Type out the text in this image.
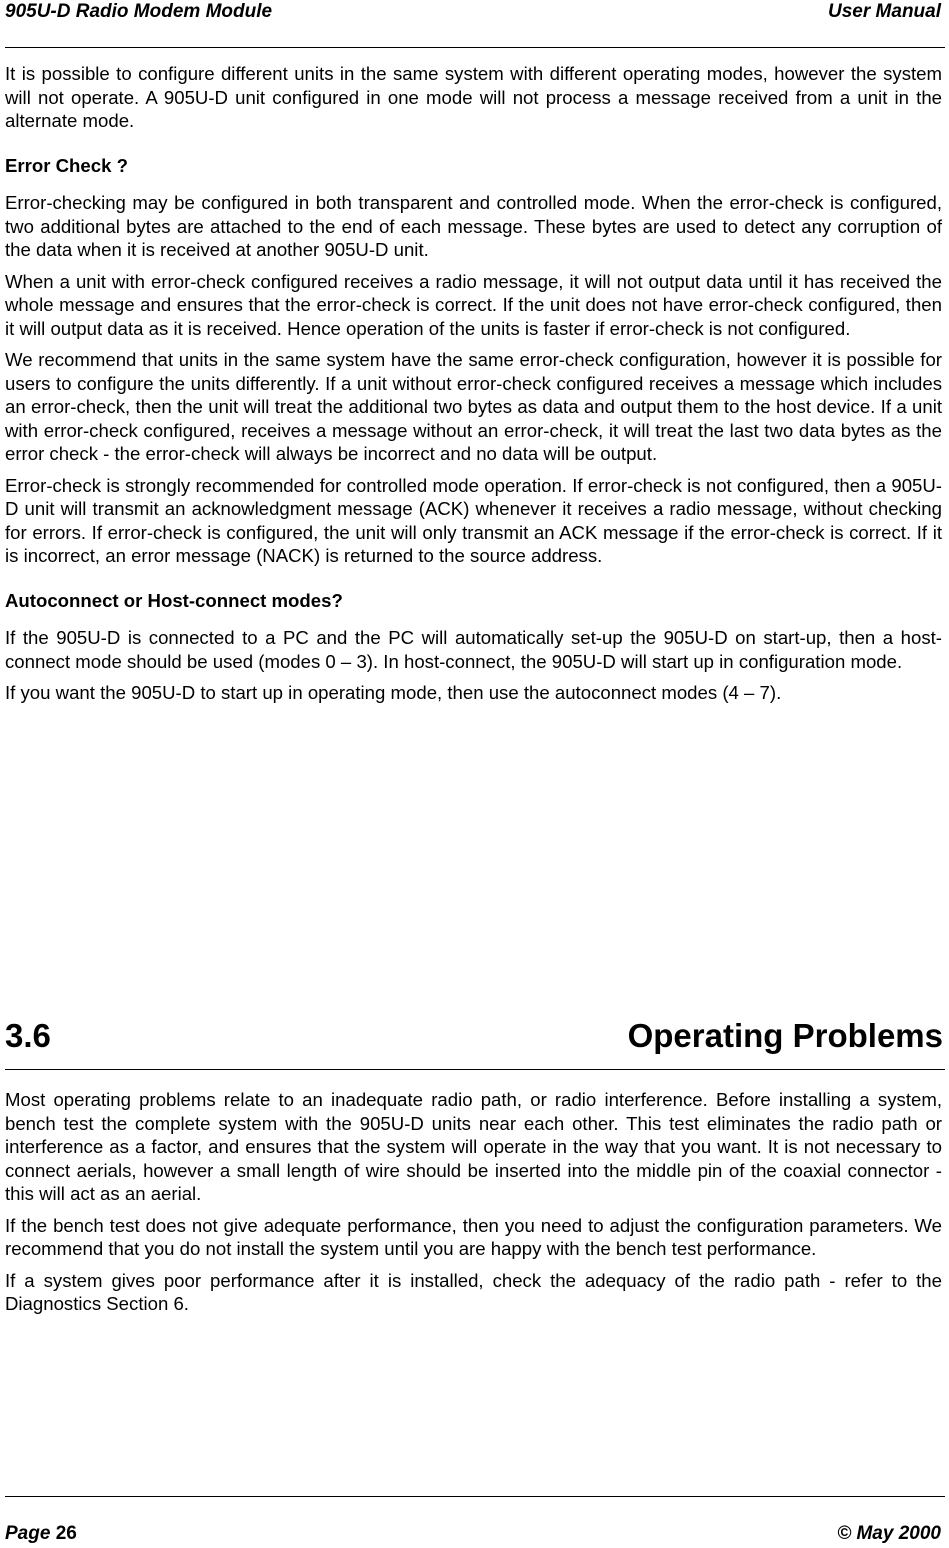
905U-D Radio Modem Module	User Manual

It is possible to configure different units in the same system with different operating modes, however the system will not operate. A 905U-D unit configured in one mode will not process a message received from a unit in the alternate mode.

Error Check ?

Error-checking may be configured in both transparent and controlled mode. When the error-check is configured, two additional bytes are attached to the end of each message. These bytes are used to detect any corruption of the data when it is received at another 905U-D unit.

When a unit with error-check configured receives a radio message, it will not output data until it has received the whole message and ensures that the error-check is correct. If the unit does not have error-check configured, then it will output data as it is received. Hence operation of the units is faster if error-check is not configured.

We recommend that units in the same system have the same error-check configuration, however it is possible for users to configure the units differently. If a unit without error-check configured receives a message which includes an error-check, then the unit will treat the additional two bytes as data and output them to the host device. If a unit with error-check configured, receives a message without an error-check, it will treat the last two data bytes as the error check - the error-check will always be incorrect and no data will be output.

Error-check is strongly recommended for controlled mode operation. If error-check is not configured, then a 905U-D unit will transmit an acknowledgment message (ACK) whenever it receives a radio message, without checking for errors. If error-check is configured, the unit will only transmit an ACK message if the error-check is correct. If it is incorrect, an error message (NACK) is returned to the source address.

Autoconnect or Host-connect modes?

If the 905U-D is connected to a PC and the PC will automatically set-up the 905U-D on start-up, then a host-connect mode should be used (modes 0 – 3). In host-connect, the 905U-D will start up in configuration mode.

If you want the 905U-D to start up in operating mode, then use the autoconnect modes (4 – 7).

3.6	Operating Problems

Most operating problems relate to an inadequate radio path, or radio interference. Before installing a system, bench test the complete system with the 905U-D units near each other. This test eliminates the radio path or interference as a factor, and ensures that the system will operate in the way that you want. It is not necessary to connect aerials, however a small length of wire should be inserted into the middle pin of the coaxial connector - this will act as an aerial.

If the bench test does not give adequate performance, then you need to adjust the configuration parameters. We recommend that you do not install the system until you are happy with the bench test performance.

If a system gives poor performance after it is installed, check the adequacy of the radio path - refer to the Diagnostics Section 6.

Page 26	© May 2000
